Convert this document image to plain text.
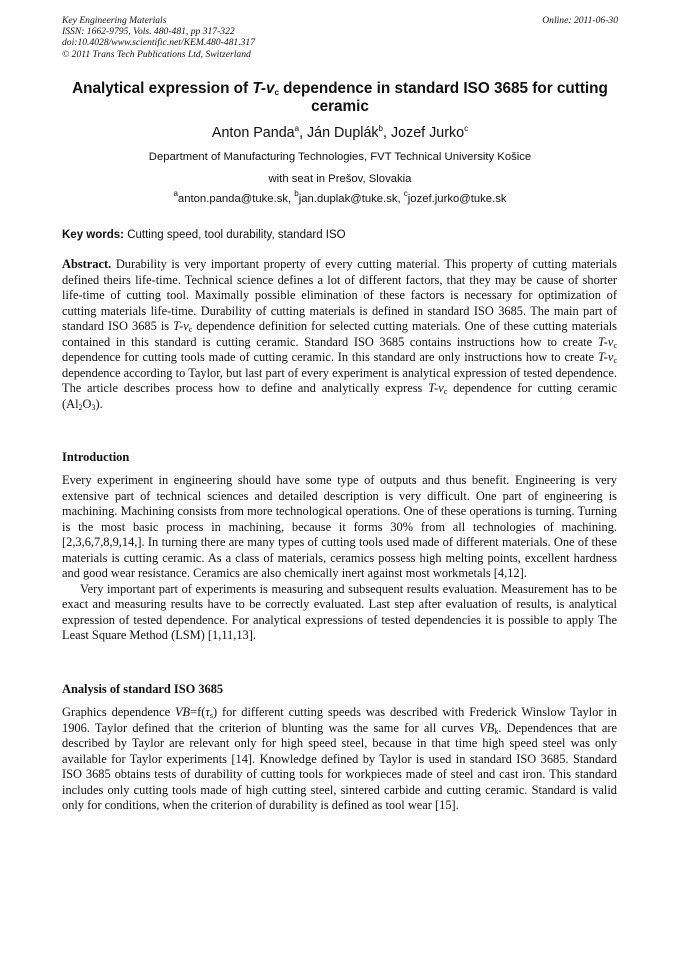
Key Engineering Materials
ISSN: 1662-9795, Vols. 480-481, pp 317-322
doi:10.4028/www.scientific.net/KEM.480-481.317
© 2011 Trans Tech Publications Ltd, Switzerland
Online: 2011-06-30
Analytical expression of $T-v_c$ dependence in standard ISO 3685 for cutting ceramic
Anton Panda$^a$, Ján Duplák$^b$, Jozef Jurko$^c$
Department of Manufacturing Technologies, FVT Technical University Košice
with seat in Prešov, Slovakia
$^a$anton.panda@tuke.sk, $^b$jan.duplak@tuke.sk, $^c$jozef.jurko@tuke.sk
Key words: Cutting speed, tool durability, standard ISO

Abstract. Durability is very important property of every cutting material. This property of cutting materials defined theirs life-time. Technical science defines a lot of different factors, that they may be cause of shorter life-time of cutting tool. Maximally possible elimination of these factors is necessary for optimization of cutting materials life-time. Durability of cutting materials is defined in standard ISO 3685. The main part of standard ISO 3685 is $T-v_c$ dependence definition for selected cutting materials. One of these cutting materials contained in this standard is cutting ceramic. Standard ISO 3685 contains instructions how to create $T-v_c$ dependence for cutting tools made of cutting ceramic. In this standard are only instructions how to create $T-v_c$ dependence according to Taylor, but last part of every experiment is analytical expression of tested dependence. The article describes process how to define and analytically express $T-v_c$ dependence for cutting ceramic $(Al_2O_3)$.

Introduction

Every experiment in engineering should have some type of outputs and thus benefit. Engineering is very extensive part of technical sciences and detailed description is very difficult. One part of engineering is machining. Machining consists from more technological operations. One of these operations is turning. Turning is the most basic process in machining, because it forms 30% from all technologies of machining.[2,3,6,7,8,9,14,]. In turning there are many types of cutting tools used made of different materials. One of these materials is cutting ceramic. As a class of materials, ceramics possess high melting points, excellent hardness and good wear resistance. Ceramics are also chemically inert against most workmetals [4,12].

Very important part of experiments is measuring and subsequent results evaluation. Measurement has to be exact and measuring results have to be correctly evaluated. Last step after evaluation of results, is analytical expression of tested dependence. For analytical expressions of tested dependencies it is possible to apply The Least Square Method (LSM) [1,11,13].

Analysis of standard ISO 3685

Graphics dependence $VB=f(\tau_s)$ for different cutting speeds was described with Frederick Winslow Taylor in 1906. Taylor defined that the criterion of blunting was the same for all curves $VB_k$. Dependences that are described by Taylor are relevant only for high speed steel, because in that time high speed steel was only available for Taylor experiments [14]. Knowledge defined by Taylor is used in standard ISO 3685. Standard ISO 3685 obtains tests of durability of cutting tools for workpieces made of steel and cast iron. This standard includes only cutting tools made of high cutting steel, sintered carbide and cutting ceramic. Standard is valid only for conditions, when the criterion of durability is defined as tool wear [15].
